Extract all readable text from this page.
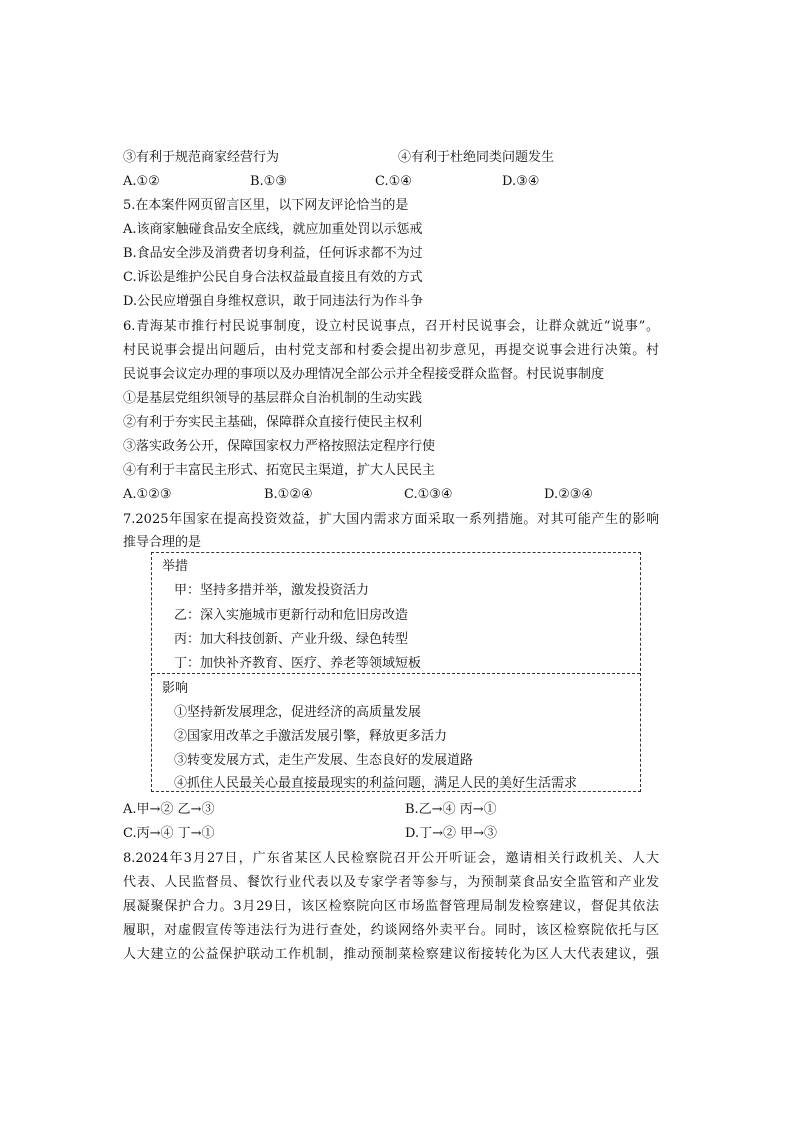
③有利于规范商家经营行为	④有利于杜绝同类问题发生
A.①②	B.①③	C.①④	D.③④
5.在本案件网页留言区里，以下网友评论恰当的是
A.该商家触碰食品安全底线，就应加重处罚以示惩戒
B.食品安全涉及消费者切身利益，任何诉求都不为过
C.诉讼是维护公民自身合法权益最直接且有效的方式
D.公民应增强自身维权意识，敢于同违法行为作斗争
6.青海某市推行村民说事制度，设立村民说事点，召开村民说事会，让群众就近“说事”。
村民说事会提出问题后，由村党支部和村委会提出初步意见，再提交说事会进行决策。村
民说事会议定办理的事项以及办理情况全部公示并全程接受群众监督。村民说事制度
①是基层党组织领导的基层群众自治机制的生动实践
②有利于夯实民主基础，保障群众直接行使民主权利
③落实政务公开，保障国家权力严格按照法定程序行使
④有利于丰富民主形式、拓宽民主渠道，扩大人民民主
A.①②③	B.①②④	C.①③④	D.②③④
7.2025年国家在提高投资效益，扩大国内需求方面采取一系列措施。对其可能产生的影响
推导合理的是
举措
甲：坚持多措并举，激发投资活力
乙：深入实施城市更新行动和危旧房改造
丙：加大科技创新、产业升级、绿色转型
丁：加快补齐教育、医疗、养老等领域短板
影响
①坚持新发展理念，促进经济的高质量发展
②国家用改革之手激活发展引擎，释放更多活力
③转变发展方式，走生产发展、生态良好的发展道路
④抓住人民最关心最直接最现实的利益问题，满足人民的美好生活需求
A.甲→② 乙→③	B.乙→④ 丙→①
C.丙→④ 丁→①	D.丁→② 甲→③
8.2024年3月27日，广东省某区人民检察院召开公开听证会，邀请相关行政机关、人大
代表、人民监督员、餐饮行业代表以及专家学者等参与，为预制菜食品安全监管和产业发
展凝聚保护合力。3月29日，该区检察院向区市场监督管理局制发检察建议，督促其依法
履职，对虚假宣传等违法行为进行查处，约谈网络外卖平台。同时，该区检察院依托与区
人大建立的公益保护联动工作机制，推动预制菜检察建议衔接转化为区人大代表建议，强
